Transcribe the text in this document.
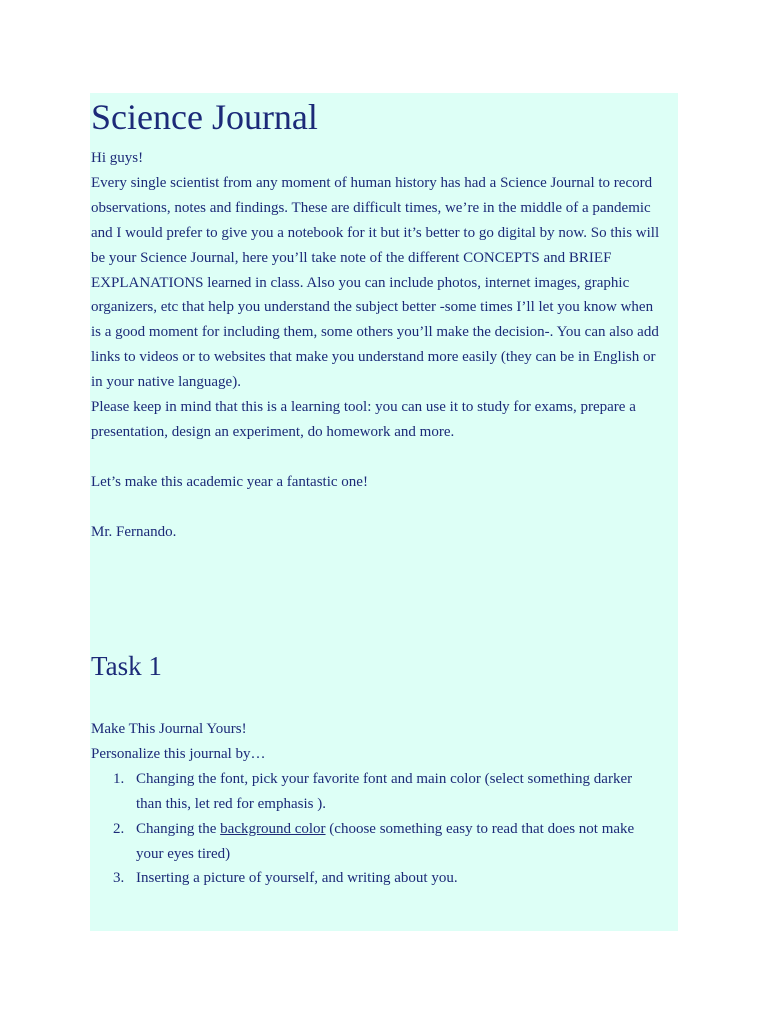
Science Journal
Hi guys!
Every single scientist from any moment of human history has had a Science Journal to record
observations, notes and findings. These are difficult times, we’re in the middle of a pandemic
and I would prefer to give you a notebook for it but it’s better to go digital by now. So this will
be your Science Journal, here you’ll take note of the different CONCEPTS and BRIEF
EXPLANATIONS learned in class. Also you can include photos, internet images, graphic
organizers, etc that help you understand the subject better -some times I’ll let you know when
is a good moment for including them, some others you’ll make the decision-. You can also add
links to videos or to websites that make you understand more easily (they can be in English or
in your native language).
Please keep in mind that this is a learning tool: you can use it to study for exams, prepare a
presentation, design an experiment, do homework and more.

Let’s make this academic year a fantastic one!

Mr. Fernando.
Task 1
Make This Journal Yours!
Personalize this journal by…
1. Changing the font, pick your favorite font and main color (select something darker
than this, let red for emphasis ).
2. Changing the background color (choose something easy to read that does not make
your eyes tired)
3. Inserting a picture of yourself, and writing about you.
